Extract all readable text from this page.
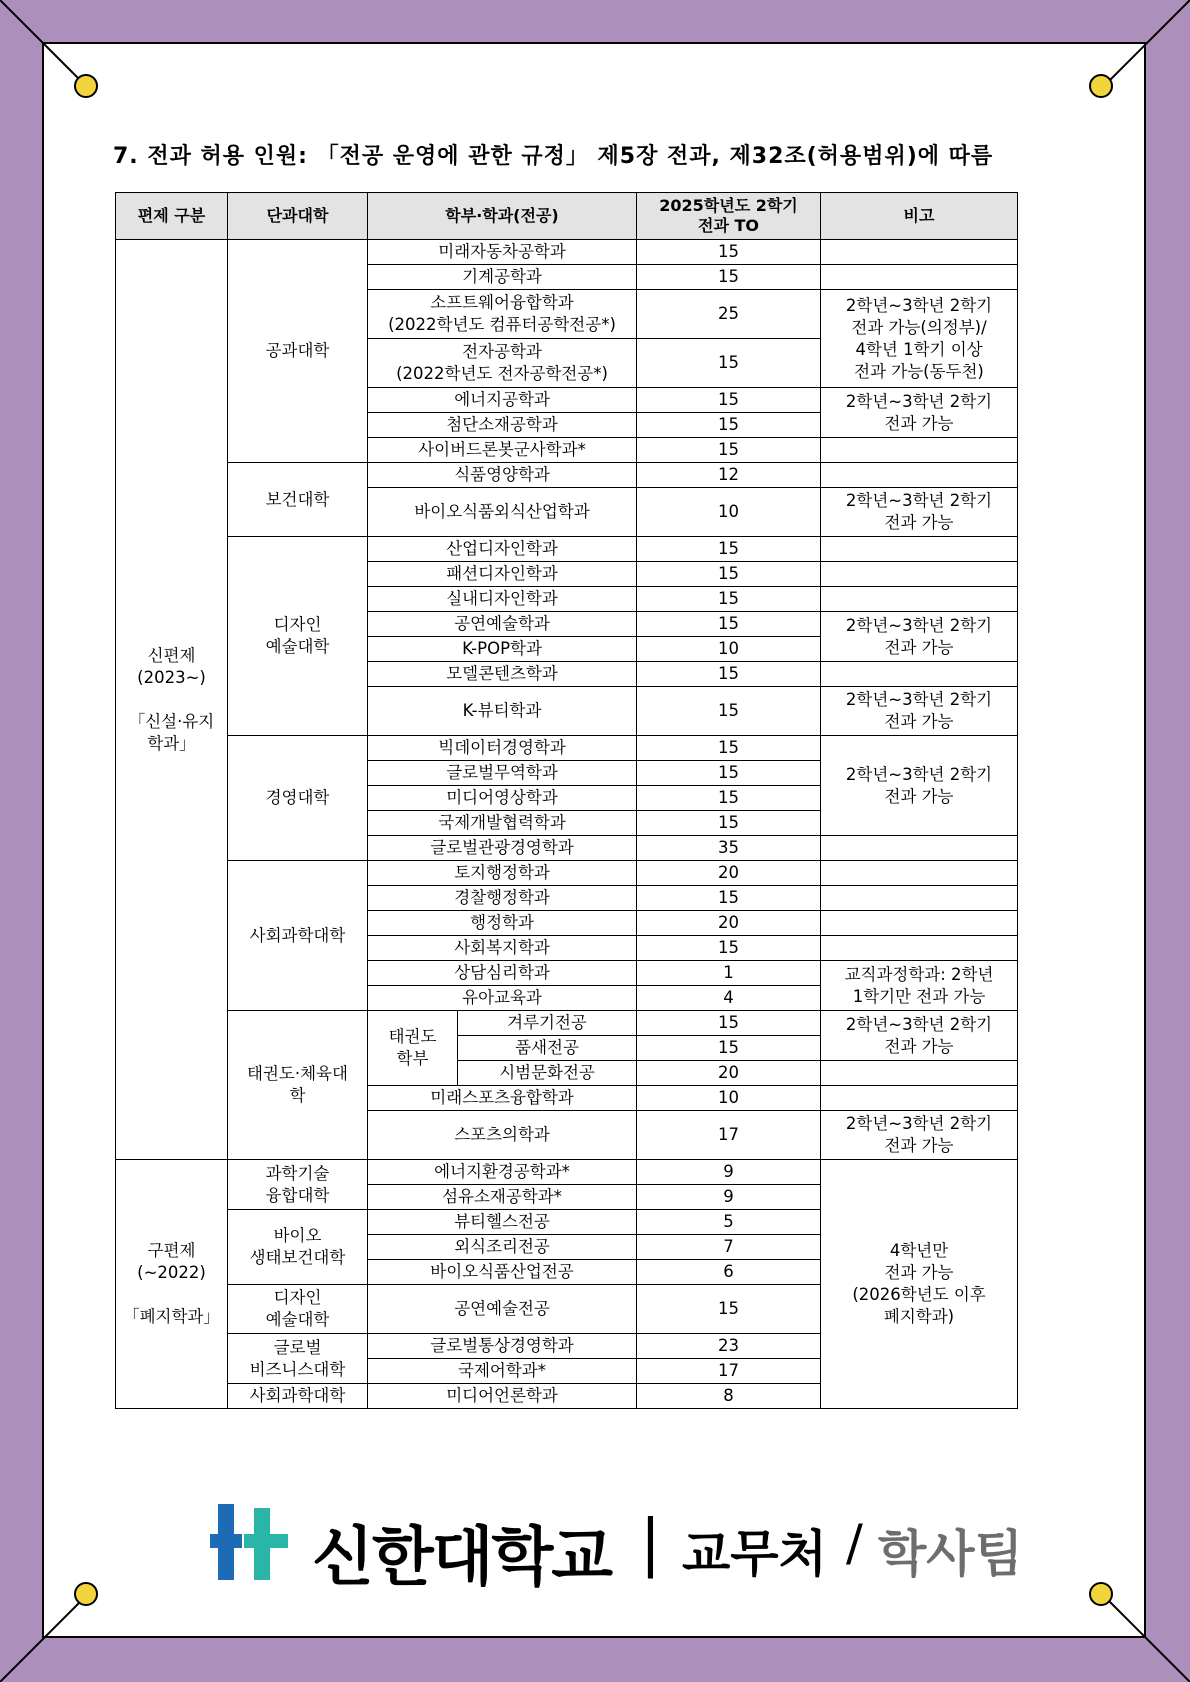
7. 전과 허용 인원: 「전공 운영에 관한 규정」 제5장 전과, 제32조(허용범위)에 따름
편제 구분	단과대학	학부·학과(전공)		2025학년도 2학기
전과 TO	비고
신편제
(2023~)

「신설·유지
학과」	공과대학	미래자동차공학과		15	
		기계공학과		15	
		소프트웨어융합학과
(2022학년도 컴퓨터공학전공*)		25	2학년~3학년 2학기
전과 가능(의정부)/
4학년 1학기 이상
전과 가능(동두천)
		전자공학과
(2022학년도 전자공학전공*)		15	
		에너지공학과		15	2학년~3학년 2학기
전과 가능
		첨단소재공학과		15	
		사이버드론봇군사학과*		15	
	보건대학	식품영양학과		12	
		바이오식품외식산업학과		10	2학년~3학년 2학기
전과 가능
	디자인
예술대학	산업디자인학과		15	
		패션디자인학과		15	
		실내디자인학과		15	
		공연예술학과		15	2학년~3학년 2학기
전과 가능
		K-POP학과		10	
		모델콘텐츠학과		15	
		K-뷰티학과		15	2학년~3학년 2학기
전과 가능
	경영대학	빅데이터경영학과		15	2학년~3학년 2학기
전과 가능
		글로벌무역학과		15	
		미디어영상학과		15	
		국제개발협력학과		15	
		글로벌관광경영학과		35	
	사회과학대학	토지행정학과		20	
		경찰행정학과		15	
		행정학과		20	
		사회복지학과		15	
		상담심리학과		1	교직과정학과: 2학년
1학기만 전과 가능
		유아교육과		4	
	태권도·체육대
학	태권도
학부	겨루기전공	15	2학년~3학년 2학기
전과 가능
			품새전공	15	
			시범문화전공	20	
		미래스포츠융합학과		10	
		스포츠의학과		17	2학년~3학년 2학기
전과 가능
구편제
(~2022)

「폐지학과」	과학기술
융합대학	에너지환경공학과*		9	4학년만
전과 가능
(2026학년도 이후
폐지학과)
		섬유소재공학과*		9	
	바이오
생태보건대학	뷰티헬스전공		5	
		외식조리전공		7	
		바이오식품산업전공		6	
	디자인
예술대학	공연예술전공		15	
	글로벌
비즈니스대학	글로벌통상경영학과		23	
		국제어학과*		17	
	사회과학대학	미디어언론학과		8	
신한대학교 | 교무처 / 학사팀
